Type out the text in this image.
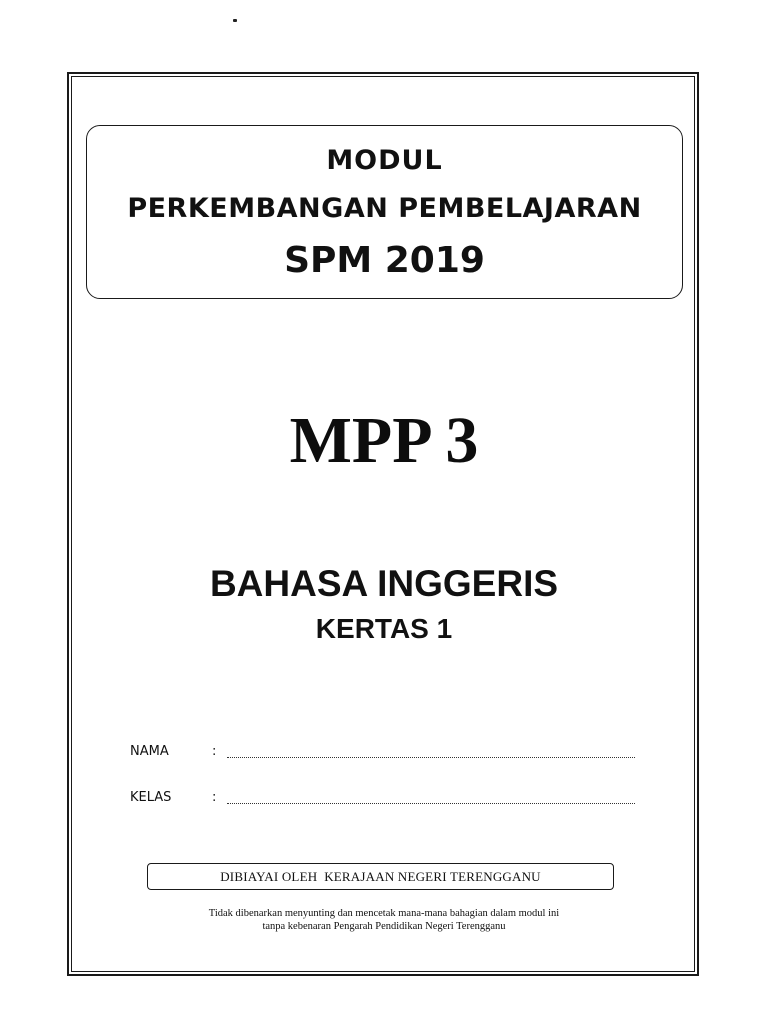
MODUL
PERKEMBANGAN PEMBELAJARAN
SPM 2019
MPP 3
BAHASA INGGERIS
KERTAS 1
NAMA	:
KELAS	:
DIBIAYAI OLEH  KERAJAAN NEGERI TERENGGANU
Tidak dibenarkan menyunting dan mencetak mana-mana bahagian dalam modul ini
tanpa kebenaran Pengarah Pendidikan Negeri Terengganu
